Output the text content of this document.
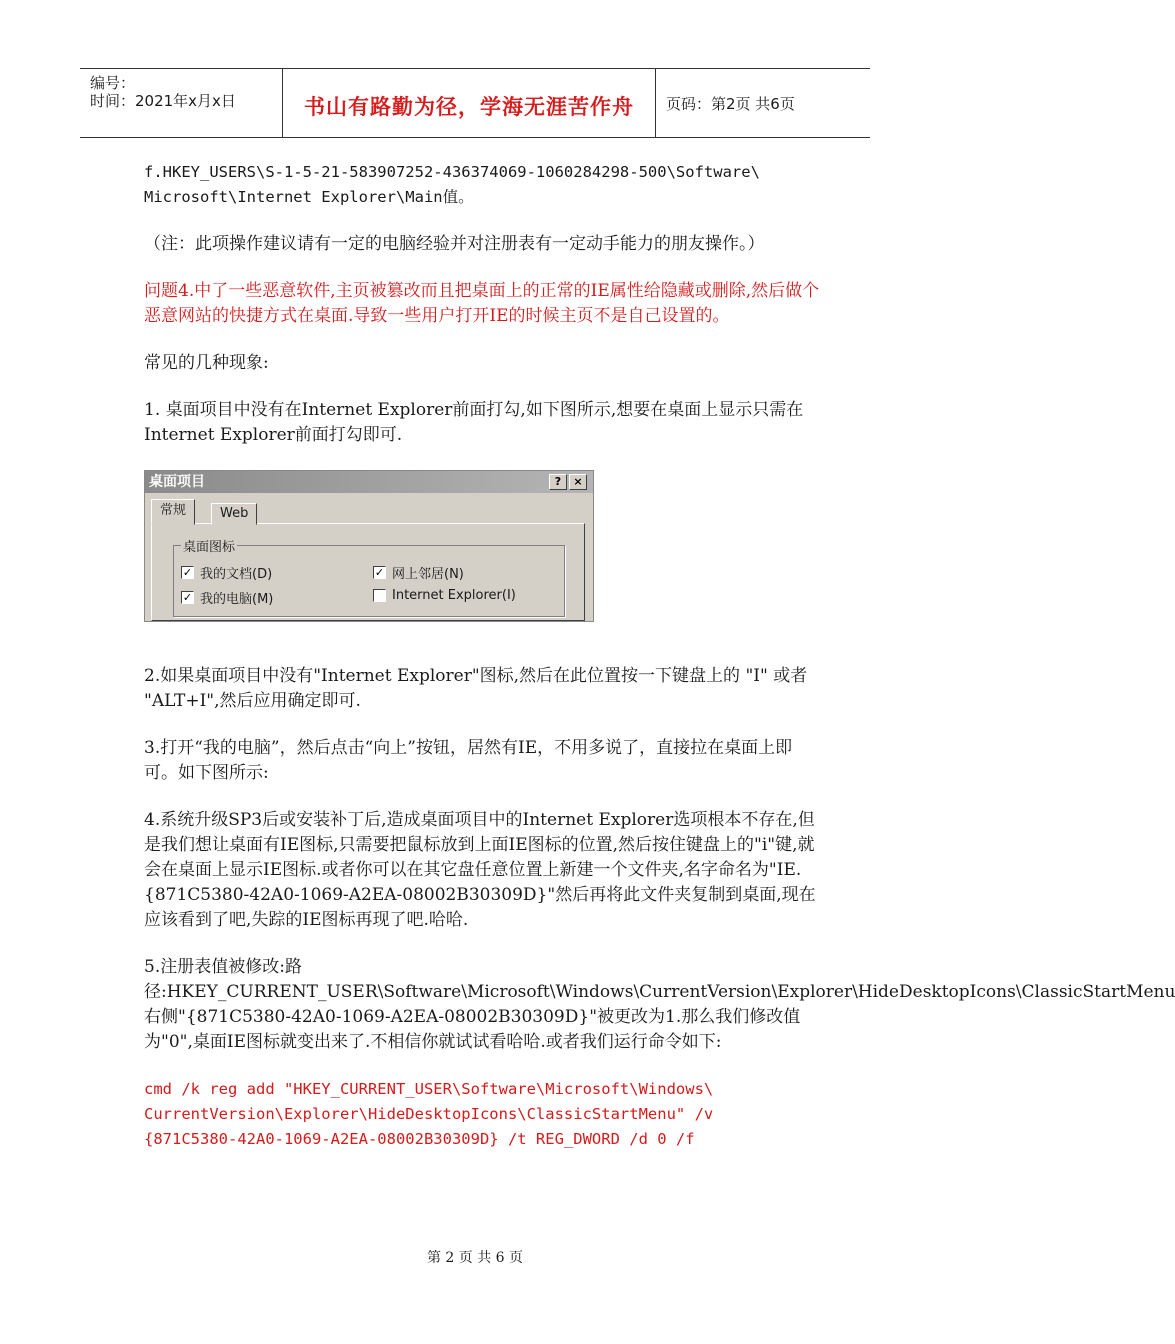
编号：
时间：2021年x月x日	书山有路勤为径，学海无涯苦作舟	页码：第2页 共6页
f.HKEY_USERS\S-1-5-21-583907252-436374069-1060284298-500\Software\
Microsoft\Internet Explorer\Main值。
（注：此项操作建议请有一定的电脑经验并对注册表有一定动手能力的朋友操作。）
问题4.中了一些恶意软件,主页被篡改而且把桌面上的正常的IE属性给隐藏或删除,然后做个恶意网站的快捷方式在桌面.导致一些用户打开IE的时候主页不是自己设置的。
常见的几种现象:
1. 桌面项目中没有在Internet Explorer前面打勾,如下图所示,想要在桌面上显示只需在Internet Explorer前面打勾即可.
桌面项目	?	×
常规	Web
桌面图标
✓ 我的文档(D)	✓ 网上邻居(N)
✓ 我的电脑(M)	Internet Explorer(I)
2.如果桌面项目中没有"Internet Explorer"图标,然后在此位置按一下键盘上的 "I" 或者 "ALT+I",然后应用确定即可.
3.打开“我的电脑”，然后点击“向上”按钮，居然有IE，不用多说了，直接拉在桌面上即可。如下图所示:
4.系统升级SP3后或安装补丁后,造成桌面项目中的Internet Explorer选项根本不存在,但是我们想让桌面有IE图标,只需要把鼠标放到上面IE图标的位置,然后按住键盘上的"i"键,就会在桌面上显示IE图标.或者你可以在其它盘任意位置上新建一个文件夹,名字命名为"IE.{871C5380-42A0-1069-A2EA-08002B30309D}"然后再将此文件夹复制到桌面,现在应该看到了吧,失踪的IE图标再现了吧.哈哈.
5.注册表值被修改:路径:HKEY_CURRENT_USER\Software\Microsoft\Windows\CurrentVersion\Explorer\HideDesktopIcons\ClassicStartMenu右侧"{871C5380-42A0-1069-A2EA-08002B30309D}"被更改为1.那么我们修改值为"0",桌面IE图标就变出来了.不相信你就试试看哈哈.或者我们运行命令如下:
cmd /k reg add "HKEY_CURRENT_USER\Software\Microsoft\Windows\
CurrentVersion\Explorer\HideDesktopIcons\ClassicStartMenu" /v
{871C5380-42A0-1069-A2EA-08002B30309D} /t REG_DWORD /d 0 /f
第 2 页 共 6 页
